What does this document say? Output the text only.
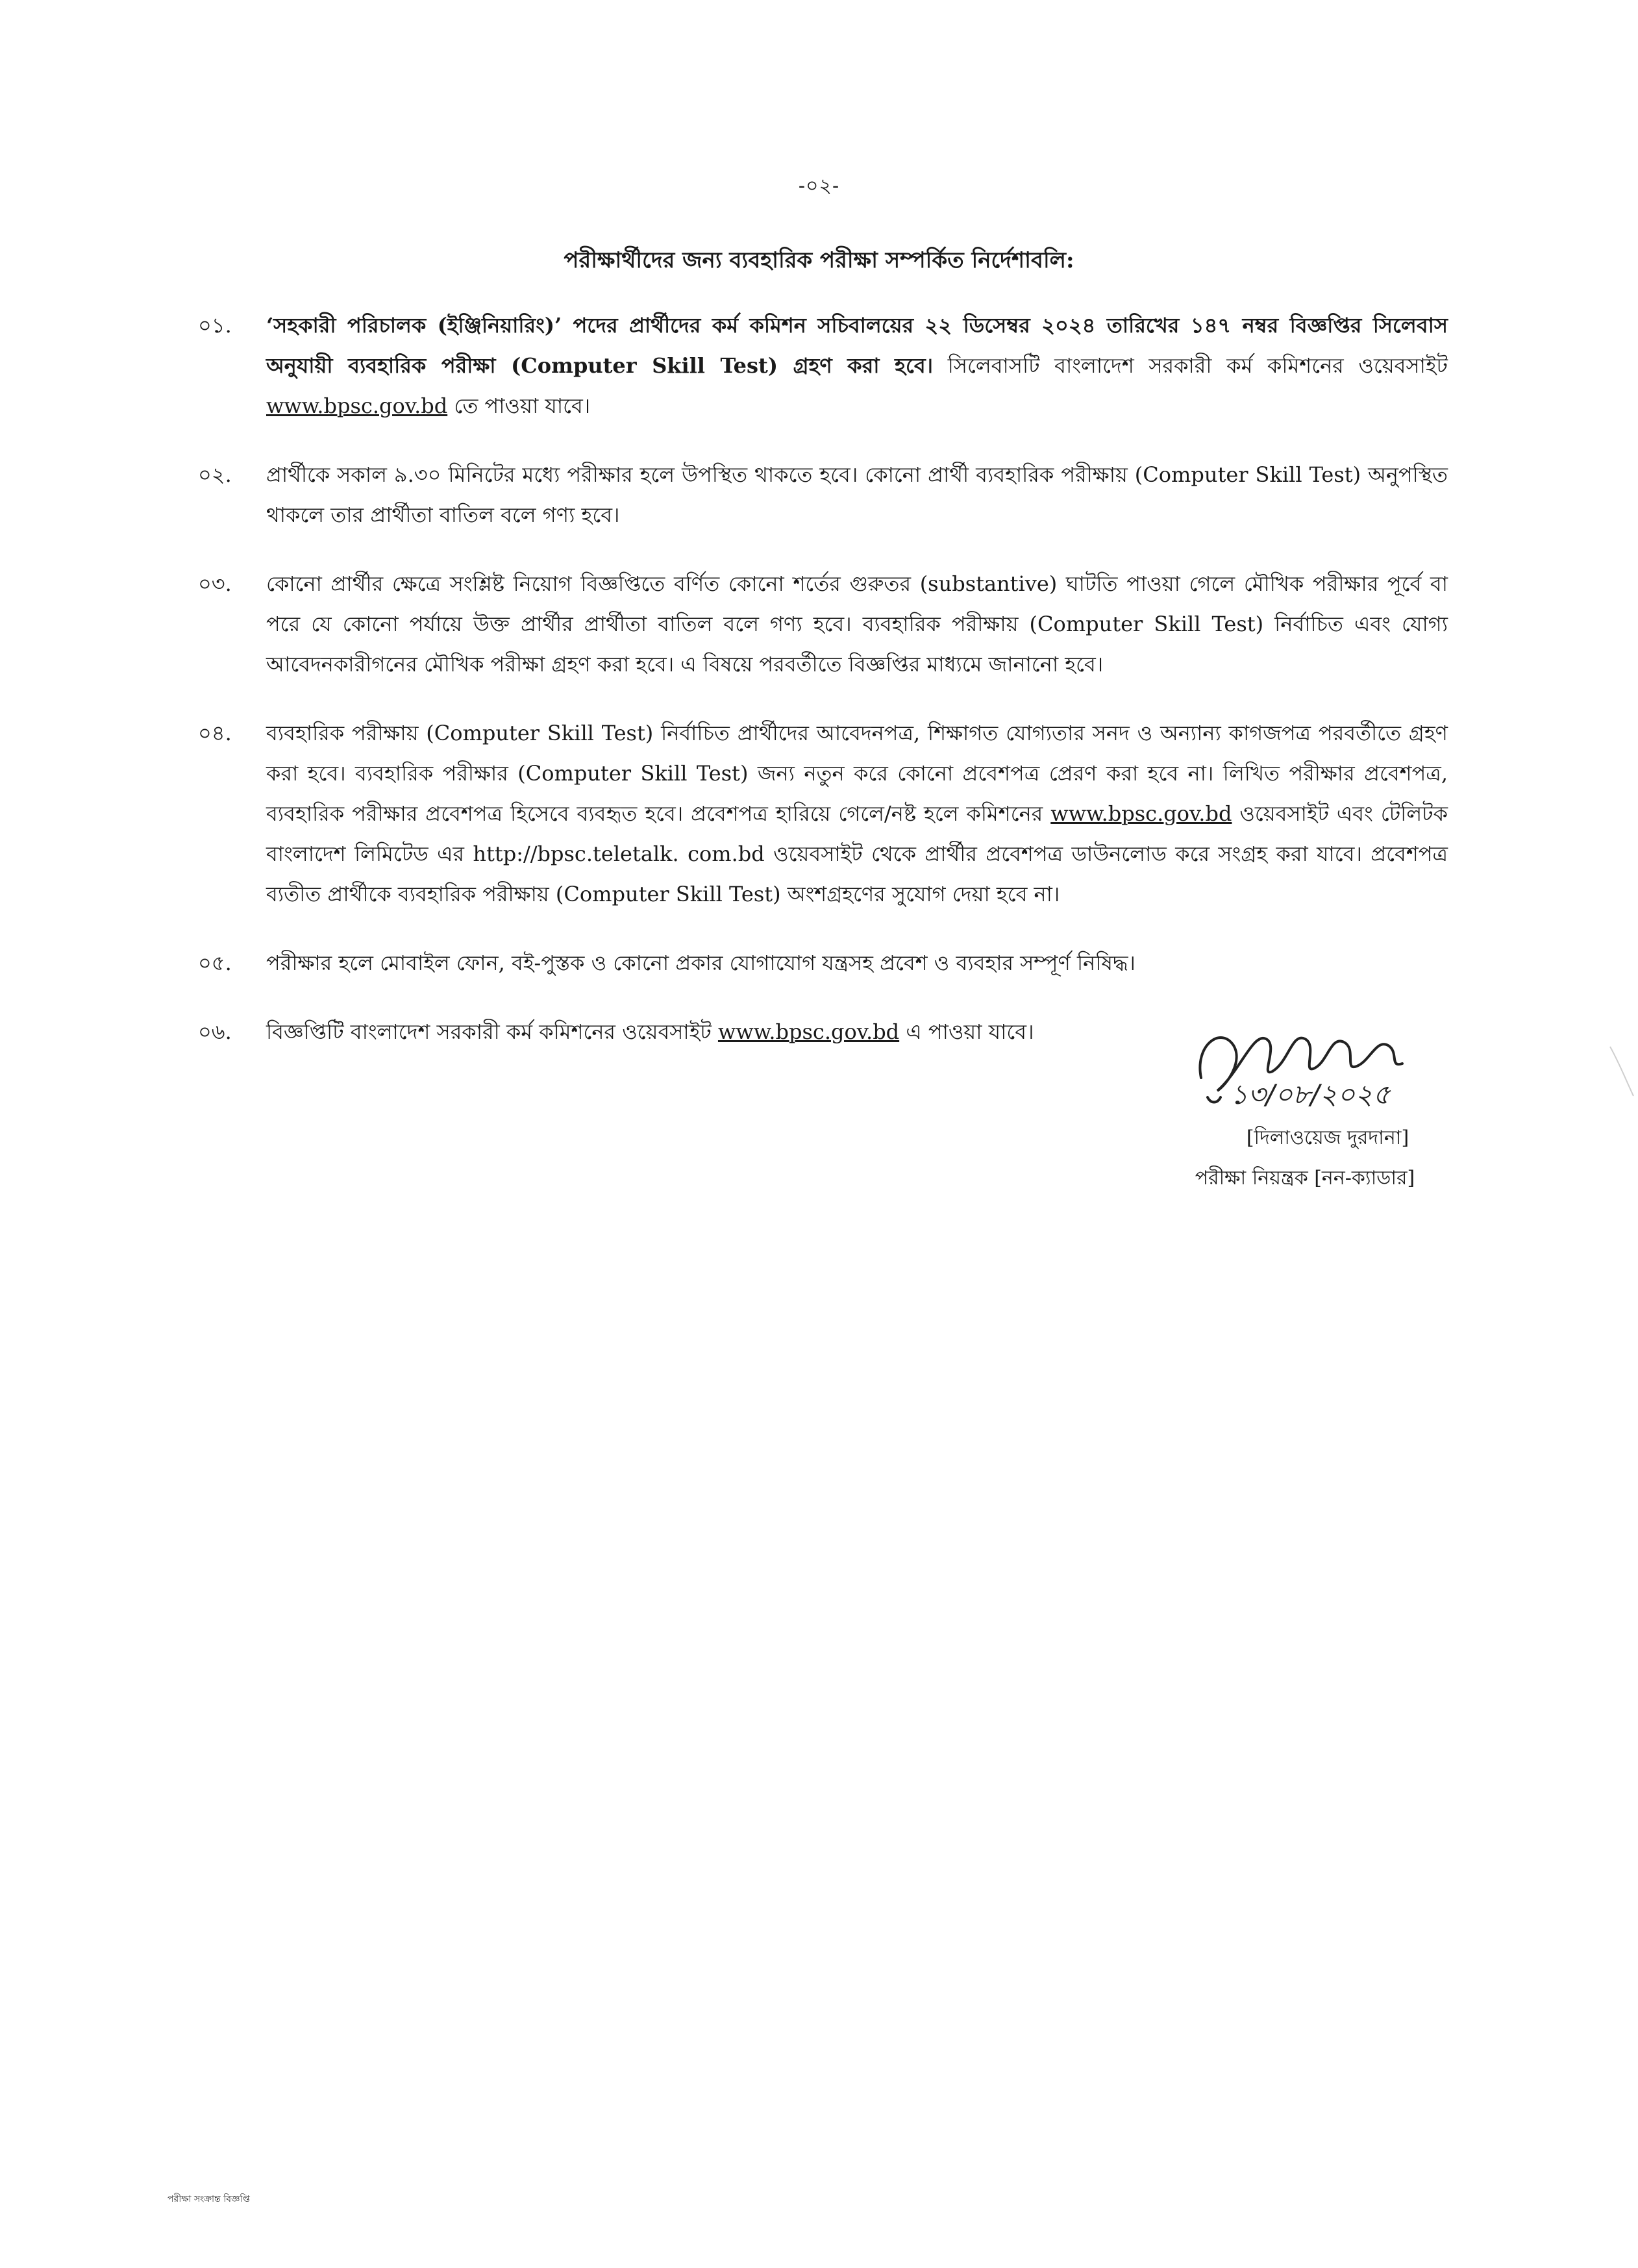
-০২-
পরীক্ষার্থীদের জন্য ব্যবহারিক পরীক্ষা সম্পর্কিত নির্দেশাবলি:
০১.	‘সহকারী পরিচালক (ইঞ্জিনিয়ারিং)’ পদের প্রার্থীদের কর্ম কমিশন সচিবালয়ের ২২ ডিসেম্বর ২০২৪ তারিখের ১৪৭ নম্বর বিজ্ঞপ্তির সিলেবাস অনুযায়ী ব্যবহারিক পরীক্ষা (Computer Skill Test) গ্রহণ করা হবে। সিলেবাসটি বাংলাদেশ সরকারী কর্ম কমিশনের ওয়েবসাইট www.bpsc.gov.bd তে পাওয়া যাবে।
০২.	প্রার্থীকে সকাল ৯.৩০ মিনিটের মধ্যে পরীক্ষার হলে উপস্থিত থাকতে হবে। কোনো প্রার্থী ব্যবহারিক পরীক্ষায় (Computer Skill Test) অনুপস্থিত থাকলে তার প্রার্থীতা বাতিল বলে গণ্য হবে।
০৩.	কোনো প্রার্থীর ক্ষেত্রে সংশ্লিষ্ট নিয়োগ বিজ্ঞপ্তিতে বর্ণিত কোনো শর্তের গুরুতর (substantive) ঘাটতি পাওয়া গেলে মৌখিক পরীক্ষার পূর্বে বা পরে যে কোনো পর্যায়ে উক্ত প্রার্থীর প্রার্থীতা বাতিল বলে গণ্য হবে। ব্যবহারিক পরীক্ষায় (Computer Skill Test) নির্বাচিত এবং যোগ্য আবেদনকারীগনের মৌখিক পরীক্ষা গ্রহণ করা হবে। এ বিষয়ে পরবর্তীতে বিজ্ঞপ্তির মাধ্যমে জানানো হবে।
০৪.	ব্যবহারিক পরীক্ষায় (Computer Skill Test) নির্বাচিত প্রার্থীদের আবেদনপত্র, শিক্ষাগত যোগ্যতার সনদ ও অন্যান্য কাগজপত্র পরবর্তীতে গ্রহণ করা হবে। ব্যবহারিক পরীক্ষার (Computer Skill Test) জন্য নতুন করে কোনো প্রবেশপত্র প্রেরণ করা হবে না। লিখিত পরীক্ষার প্রবেশপত্র, ব্যবহারিক পরীক্ষার প্রবেশপত্র হিসেবে ব্যবহৃত হবে। প্রবেশপত্র হারিয়ে গেলে/নষ্ট হলে কমিশনের www.bpsc.gov.bd ওয়েবসাইট এবং টেলিটক বাংলাদেশ লিমিটেড এর http://bpsc.teletalk. com.bd ওয়েবসাইট থেকে প্রার্থীর প্রবেশপত্র ডাউনলোড করে সংগ্রহ করা যাবে। প্রবেশপত্র ব্যতীত প্রার্থীকে ব্যবহারিক পরীক্ষায় (Computer Skill Test) অংশগ্রহণের সুযোগ দেয়া হবে না।
০৫.	পরীক্ষার হলে মোবাইল ফোন, বই-পুস্তক ও কোনো প্রকার যোগাযোগ যন্ত্রসহ প্রবেশ ও ব্যবহার সম্পূর্ণ নিষিদ্ধ।
০৬.	বিজ্ঞপ্তিটি বাংলাদেশ সরকারী কর্ম কমিশনের ওয়েবসাইট www.bpsc.gov.bd এ পাওয়া যাবে।
১৩/০৮/২০২৫
[দিলাওয়েজ দুরদানা]
পরীক্ষা নিয়ন্ত্রক [নন-ক্যাডার]
পরীক্ষা সংক্রান্ত বিজ্ঞপ্তি
